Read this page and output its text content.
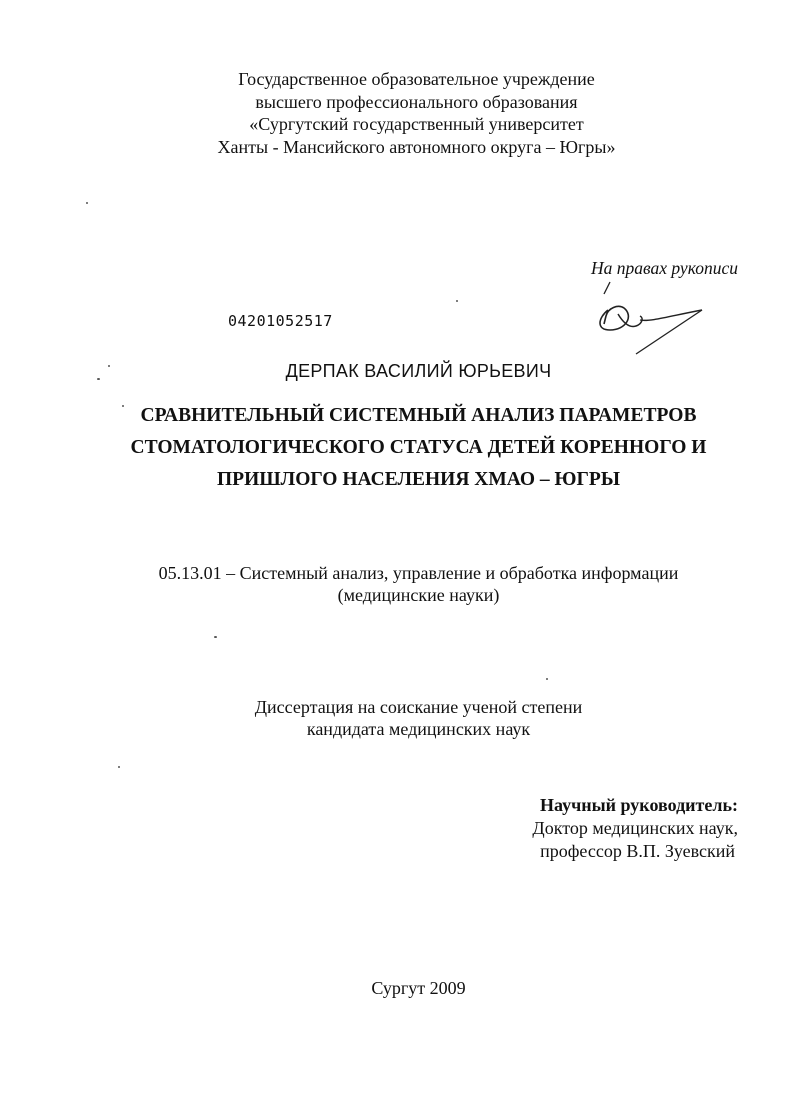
Государственное образовательное учреждение
высшего профессионального образования
«Сургутский государственный университет
Ханты - Мансийского автономного округа – Югры»
На правах рукописи
04201052517
ДЕРПАК ВАСИЛИЙ ЮРЬЕВИЧ
СРАВНИТЕЛЬНЫЙ СИСТЕМНЫЙ АНАЛИЗ ПАРАМЕТРОВ
СТОМАТОЛОГИЧЕСКОГО СТАТУСА ДЕТЕЙ КОРЕННОГО И
ПРИШЛОГО НАСЕЛЕНИЯ ХМАО – ЮГРЫ
05.13.01 – Системный анализ, управление и обработка информации
(медицинские науки)
Диссертация на соискание ученой степени
кандидата медицинских наук
Научный руководитель:
Доктор медицинских наук,
профессор В.П. Зуевский
Сургут 2009
